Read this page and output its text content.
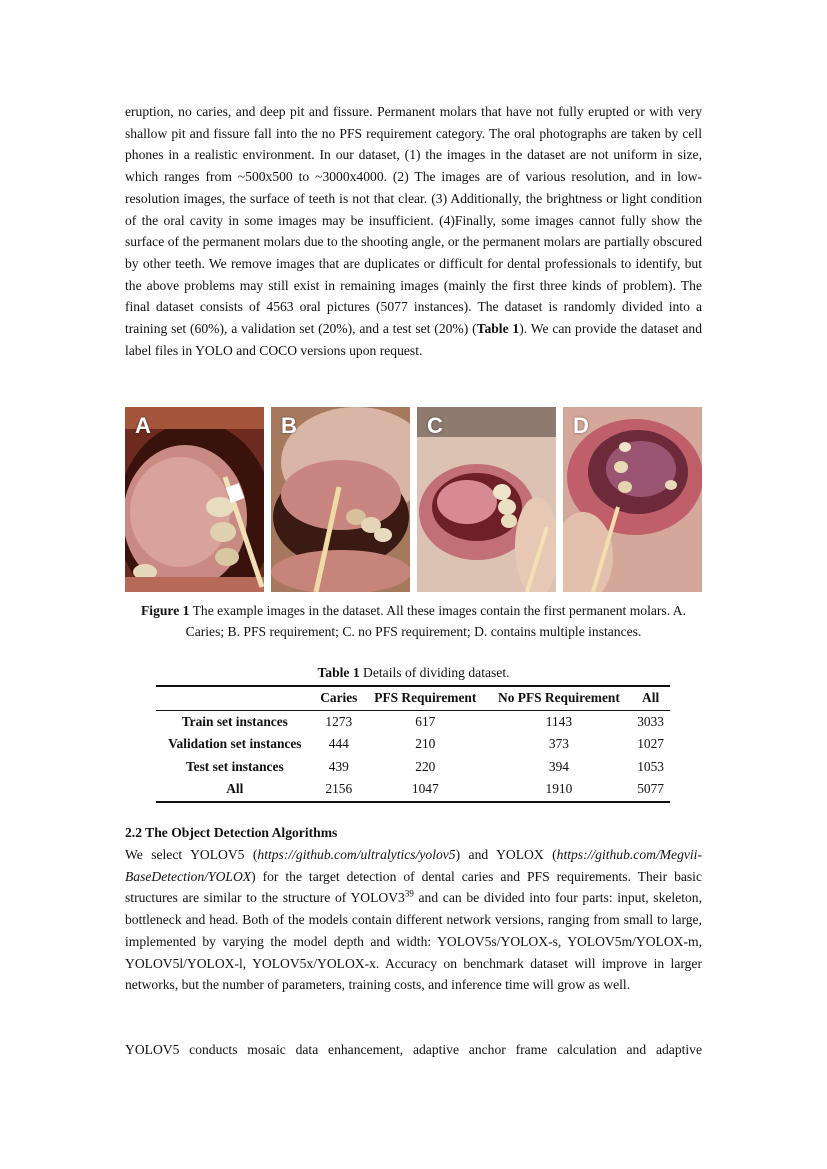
eruption, no caries, and deep pit and fissure. Permanent molars that have not fully erupted or with very shallow pit and fissure fall into the no PFS requirement category. The oral photographs are taken by cell phones in a realistic environment. In our dataset, (1) the images in the dataset are not uniform in size, which ranges from ~500x500 to ~3000x4000. (2) The images are of various resolution, and in low-resolution images, the surface of teeth is not that clear. (3) Additionally, the brightness or light condition of the oral cavity in some images may be insufficient. (4)Finally, some images cannot fully show the surface of the permanent molars due to the shooting angle, or the permanent molars are partially obscured by other teeth. We remove images that are duplicates or difficult for dental professionals to identify, but the above problems may still exist in remaining images (mainly the first three kinds of problem). The final dataset consists of 4563 oral pictures (5077 instances). The dataset is randomly divided into a training set (60%), a validation set (20%), and a test set (20%) (Table 1). We can provide the dataset and label files in YOLO and COCO versions upon request.

A	B	C	D
Figure 1 The example images in the dataset. All these images contain the first permanent molars. A. Caries; B. PFS requirement; C. no PFS requirement; D. contains multiple instances.
Table 1 Details of dividing dataset.
	Caries	PFS Requirement	No PFS Requirement	All
Train set instances	1273	617	1143	3033
Validation set instances	444	210	373	1027
Test set instances	439	220	394	1053
All	2156	1047	1910	5077
2.2 The Object Detection Algorithms

We select YOLOV5 (https://github.com/ultralytics/yolov5) and YOLOX (https://github.com/Megvii-BaseDetection/YOLOX) for the target detection of dental caries and PFS requirements. Their basic structures are similar to the structure of $YOLOV3^{39}$ and can be divided into four parts: input, skeleton, bottleneck and head. Both of the models contain different network versions, ranging from small to large, implemented by varying the model depth and width: YOLOV5s/YOLOX-s, YOLOV5m/YOLOX-m, YOLOV5l/YOLOX-l, YOLOV5x/YOLOX-x. Accuracy on benchmark dataset will improve in larger networks, but the number of parameters, training costs, and inference time will grow as well.

YOLOV5 conducts mosaic data enhancement, adaptive anchor frame calculation and adaptive
